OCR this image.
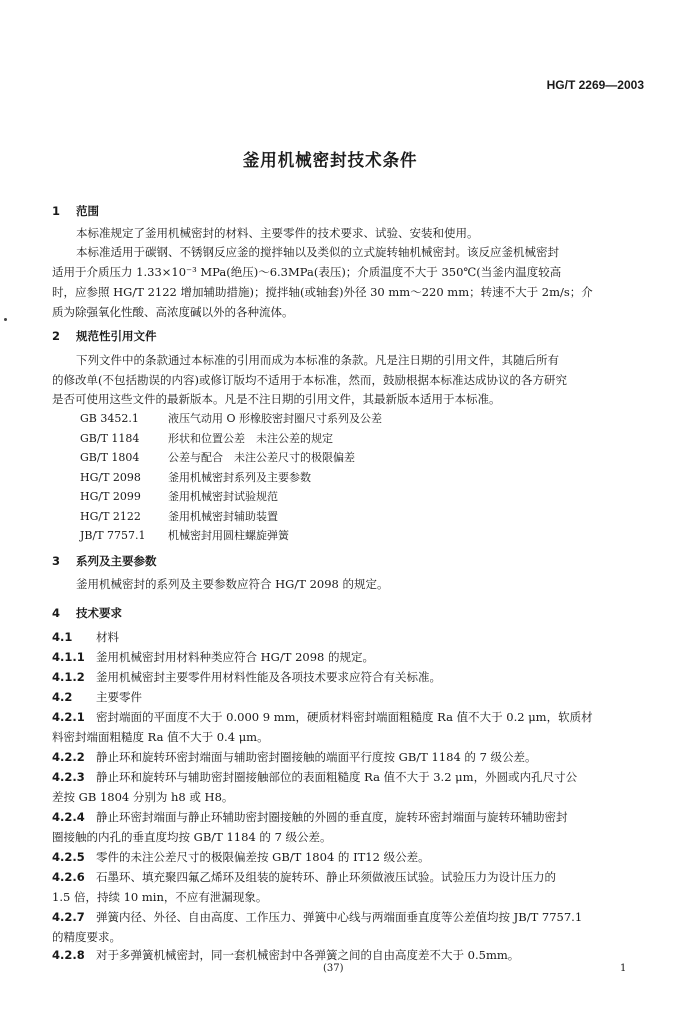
HG/T 2269—2003
釜用机械密封技术条件
1 范围
本标准规定了釜用机械密封的材料、主要零件的技术要求、试验、安装和使用。
本标准适用于碳钢、不锈钢反应釜的搅拌轴以及类似的立式旋转轴机械密封。该反应釜机械密封
适用于介质压力 1.33×10⁻³ MPa(绝压)～6.3MPa(表压)；介质温度不大于 350℃(当釜内温度较高
时，应参照 HG/T 2122 增加辅助措施)；搅拌轴(或轴套)外径 30 mm～220 mm；转速不大于 2m/s；介
质为除强氧化性酸、高浓度碱以外的各种流体。
2 规范性引用文件
下列文件中的条款通过本标准的引用而成为本标准的条款。凡是注日期的引用文件，其随后所有
的修改单(不包括勘误的内容)或修订版均不适用于本标准，然而，鼓励根据本标准达成协议的各方研究
是否可使用这些文件的最新版本。凡是不注日期的引用文件，其最新版本适用于本标准。
GB 3452.1	液压气动用 O 形橡胶密封圈尺寸系列及公差
GB/T 1184	形状和位置公差　未注公差的规定
GB/T 1804	公差与配合　未注公差尺寸的极限偏差
HG/T 2098 釜用机械密封系列及主要参数
HG/T 2099 釜用机械密封试验规范
HG/T 2122 釜用机械密封辅助装置
JB/T 7757.1 机械密封用圆柱螺旋弹簧
3 系列及主要参数
釜用机械密封的系列及主要参数应符合 HG/T 2098 的规定。
4 技术要求
4.1 材料
4.1.1 釜用机械密封用材料种类应符合 HG/T 2098 的规定。
4.1.2 釜用机械密封主要零件用材料性能及各项技术要求应符合有关标准。
4.2 主要零件
4.2.1 密封端面的平面度不大于 0.000 9 mm，硬质材料密封端面粗糙度 Ra 值不大于 0.2 μm，软质材
料密封端面粗糙度 Ra 值不大于 0.4 μm。
4.2.2 静止环和旋转环密封端面与辅助密封圈接触的端面平行度按 GB/T 1184 的 7 级公差。
4.2.3 静止环和旋转环与辅助密封圈接触部位的表面粗糙度 Ra 值不大于 3.2 μm，外圆或内孔尺寸公
差按 GB 1804 分别为 h8 或 H8。
4.2.4 静止环密封端面与静止环辅助密封圈接触的外圆的垂直度，旋转环密封端面与旋转环辅助密封
圈接触的内孔的垂直度均按 GB/T 1184 的 7 级公差。
4.2.5 零件的未注公差尺寸的极限偏差按 GB/T 1804 的 IT12 级公差。
4.2.6 石墨环、填充聚四氟乙烯环及组装的旋转环、静止环须做液压试验。试验压力为设计压力的
1.5 倍，持续 10 min，不应有泄漏现象。
4.2.7 弹簧内径、外径、自由高度、工作压力、弹簧中心线与两端面垂直度等公差值均按 JB/T 7757.1
的精度要求。
4.2.8 对于多弹簧机械密封，同一套机械密封中各弹簧之间的自由高度差不大于 0.5mm。
(37)	1
